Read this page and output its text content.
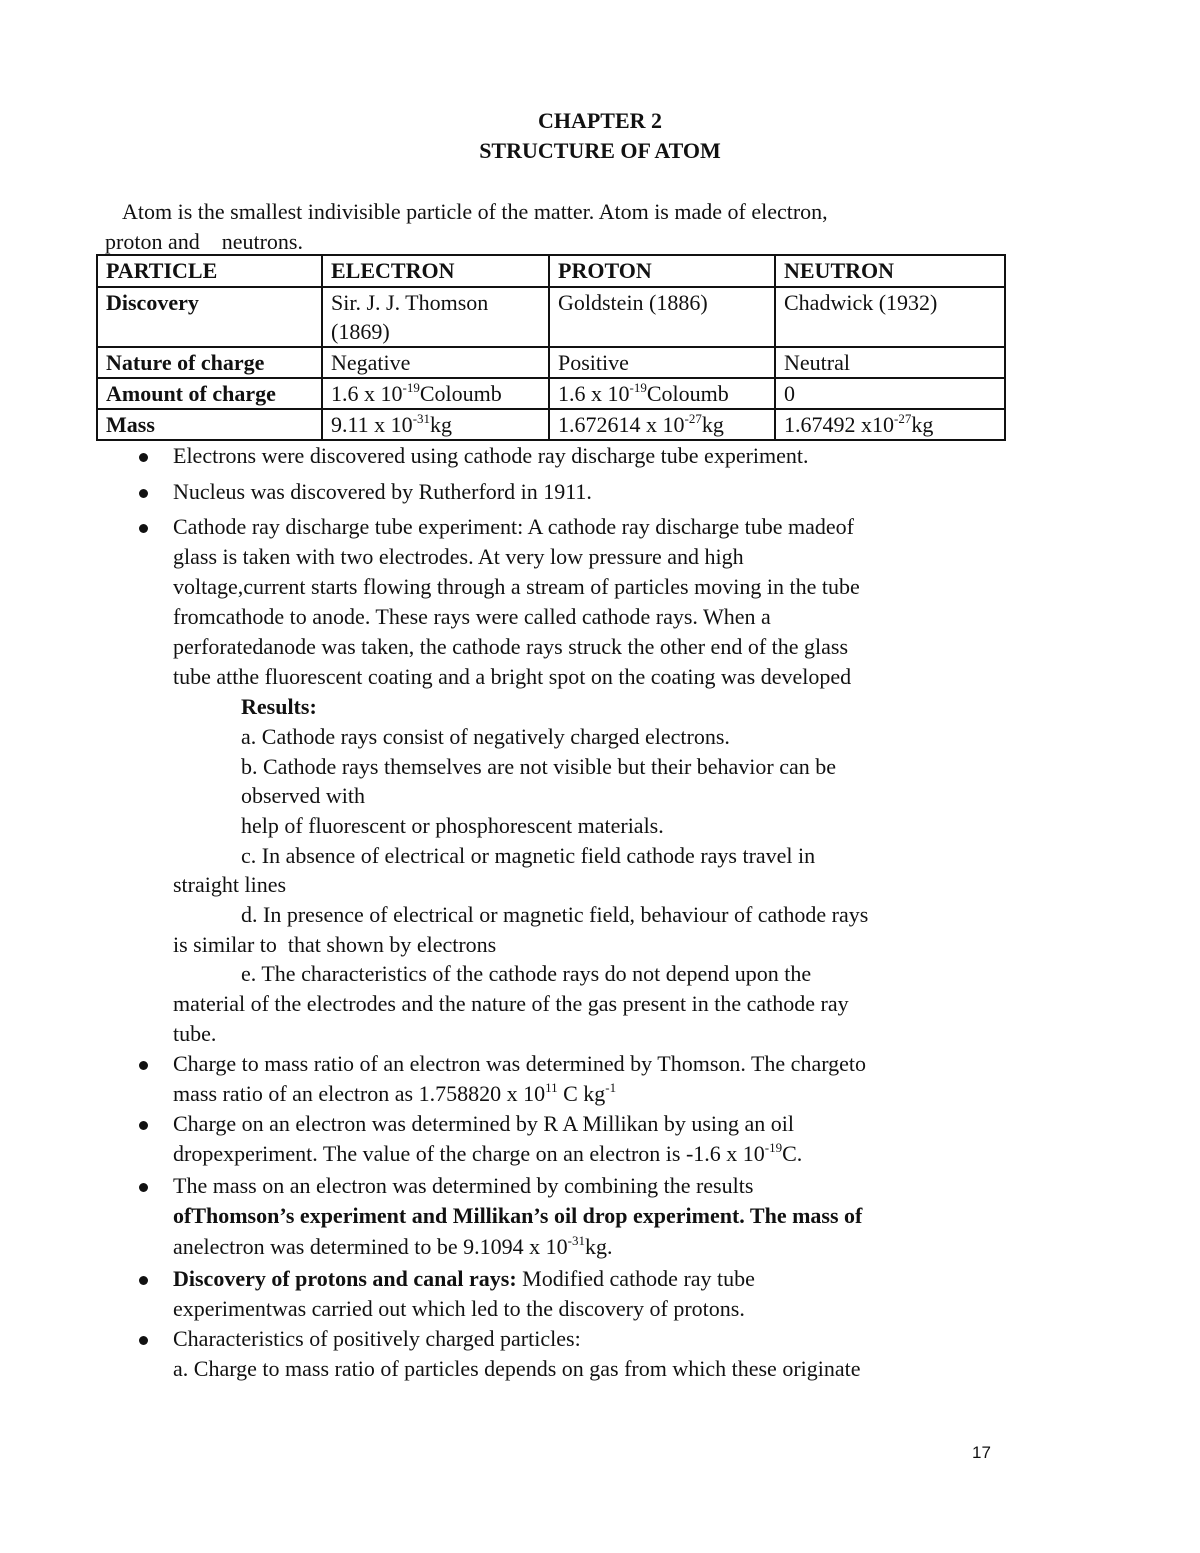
CHAPTER 2
STRUCTURE OF ATOM
Atom is the smallest indivisible particle of the matter. Atom is made of electron,
proton and    neutrons.
PARTICLE	ELECTRON	PROTON	NEUTRON
Discovery	Sir. J. J. Thomson (1869)	Goldstein (1886)	Chadwick (1932)
Nature of charge	Negative	Positive	Neutral
Amount of charge	1.6 x $10^{-19}Coloumb$	1.6 x $10^{-19}Coloumb$	0
Mass	9.11 x $10^{-31}kg$	1.672614 x $10^{-27}kg$	1.67492 $x10^{-27}kg$
Electrons were discovered using cathode ray discharge tube experiment.
Nucleus was discovered by Rutherford in 1911.
Cathode ray discharge tube experiment: A cathode ray discharge tube madeof
glass is taken with two electrodes. At very low pressure and high
voltage,current starts flowing through a stream of particles moving in the tube
fromcathode to anode. These rays were called cathode rays. When a
perforatedanode was taken, the cathode rays struck the other end of the glass
tube atthe fluorescent coating and a bright spot on the coating was developed
Results:
a. Cathode rays consist of negatively charged electrons.
b. Cathode rays themselves are not visible but their behavior can be
observed with
help of fluorescent or phosphorescent materials.
c. In absence of electrical or magnetic field cathode rays travel in
straight lines
d. In presence of electrical or magnetic field, behaviour of cathode rays
is similar to  that shown by electrons
e. The characteristics of the cathode rays do not depend upon the
material of the electrodes and the nature of the gas present in the cathode ray
tube.
Charge to mass ratio of an electron was determined by Thomson. The chargeto
mass ratio of an electron as 1.758820 x $10^{11}$ C $kg^{-1}$
Charge on an electron was determined by R A Millikan by using an oil
dropexperiment. The value of the charge on an electron is -1.6 x $10^{-19}C$.
The mass on an electron was determined by combining the results
ofThomson’s experiment and Millikan’s oil drop experiment. The mass of
anelectron was determined to be 9.1094 x $10^{-31}kg$.
Discovery of protons and canal rays: Modified cathode ray tube
experimentwas carried out which led to the discovery of protons.
Characteristics of positively charged particles:
a. Charge to mass ratio of particles depends on gas from which these originate
17
